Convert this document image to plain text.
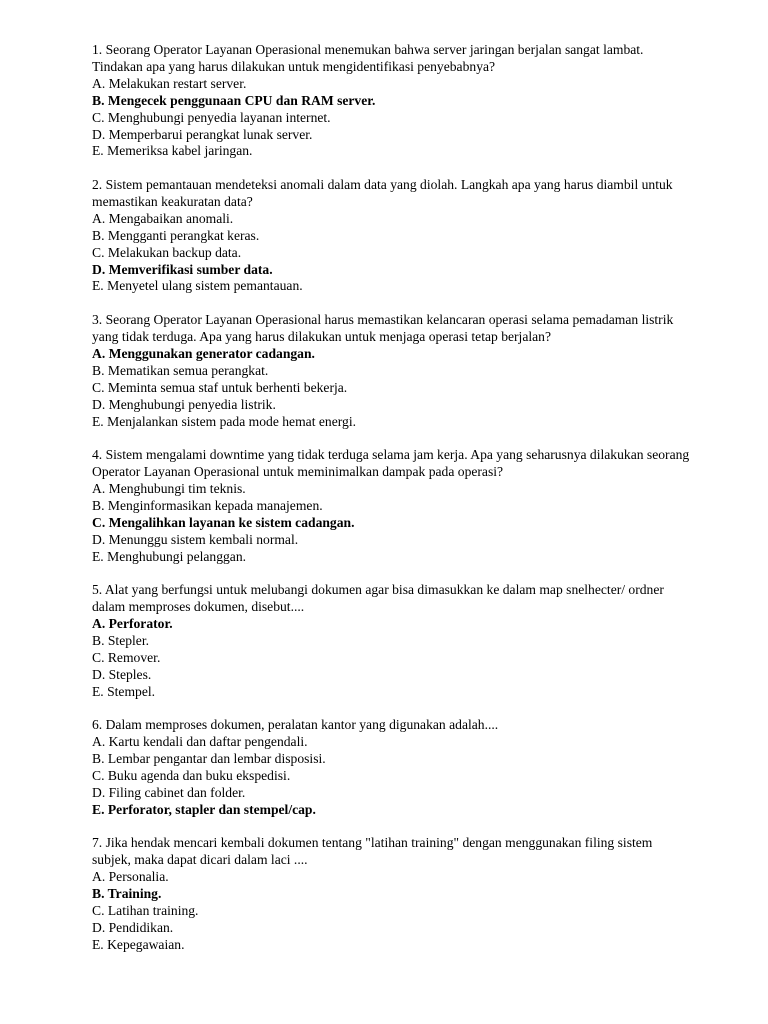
1. Seorang Operator Layanan Operasional menemukan bahwa server jaringan berjalan sangat lambat. Tindakan apa yang harus dilakukan untuk mengidentifikasi penyebabnya?

A. Melakukan restart server.

B. Mengecek penggunaan CPU dan RAM server.

C. Menghubungi penyedia layanan internet.

D. Memperbarui perangkat lunak server.

E. Memeriksa kabel jaringan.

2. Sistem pemantauan mendeteksi anomali dalam data yang diolah. Langkah apa yang harus diambil untuk memastikan keakuratan data?

A. Mengabaikan anomali.

B. Mengganti perangkat keras.

C. Melakukan backup data.

D. Memverifikasi sumber data.

E. Menyetel ulang sistem pemantauan.

3. Seorang Operator Layanan Operasional harus memastikan kelancaran operasi selama pemadaman listrik yang tidak terduga. Apa yang harus dilakukan untuk menjaga operasi tetap berjalan?

A. Menggunakan generator cadangan.

B. Mematikan semua perangkat.

C. Meminta semua staf untuk berhenti bekerja.

D. Menghubungi penyedia listrik.

E. Menjalankan sistem pada mode hemat energi.

4. Sistem mengalami downtime yang tidak terduga selama jam kerja. Apa yang seharusnya dilakukan seorang Operator Layanan Operasional untuk meminimalkan dampak pada operasi?

A. Menghubungi tim teknis.

B. Menginformasikan kepada manajemen.

C. Mengalihkan layanan ke sistem cadangan.

D. Menunggu sistem kembali normal.

E. Menghubungi pelanggan.

5. Alat yang berfungsi untuk melubangi dokumen agar bisa dimasukkan ke dalam map snelhecter/ ordner dalam memproses dokumen, disebut....

A. Perforator.

B. Stepler.

C. Remover.

D. Steples.

E. Stempel.

6. Dalam memproses dokumen, peralatan kantor yang digunakan adalah....

A. Kartu kendali dan daftar pengendali.

B. Lembar pengantar dan lembar disposisi.

C. Buku agenda dan buku ekspedisi.

D. Filing cabinet dan folder.

E. Perforator, stapler dan stempel/cap.

7. Jika hendak mencari kembali dokumen tentang "latihan training" dengan menggunakan filing sistem subjek, maka dapat dicari dalam laci ....

A. Personalia.

B. Training.

C. Latihan training.

D. Pendidikan.

E. Kepegawaian.
